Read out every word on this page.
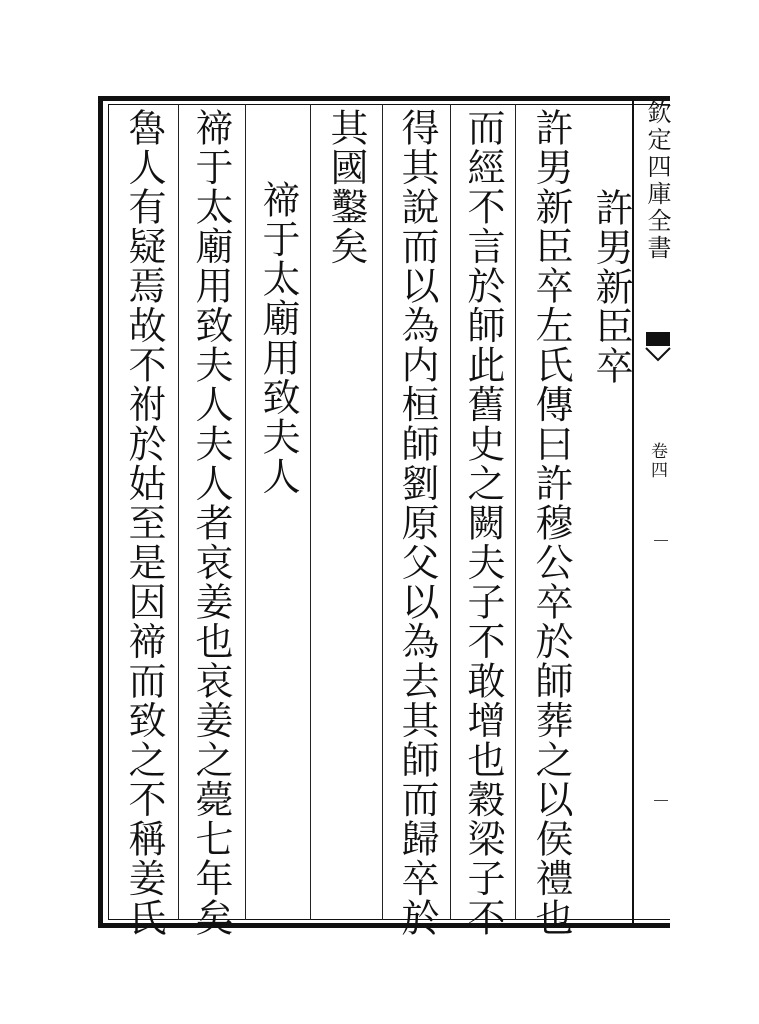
欽定四庫全書
卷四
許男新臣卒
許男新臣卒左氏傳曰許穆公卒於師葬之以侯禮也
而經不言於師此舊史之闕夫子不敢增也穀梁子不
得其說而以為内桓師劉原父以為去其師而歸卒於
其國鑿矣
禘于太廟用致夫人
禘于太廟用致夫人夫人者哀姜也哀姜之薨七年矣
魯人有疑焉故不祔於姑至是因禘而致之不稱姜氏
